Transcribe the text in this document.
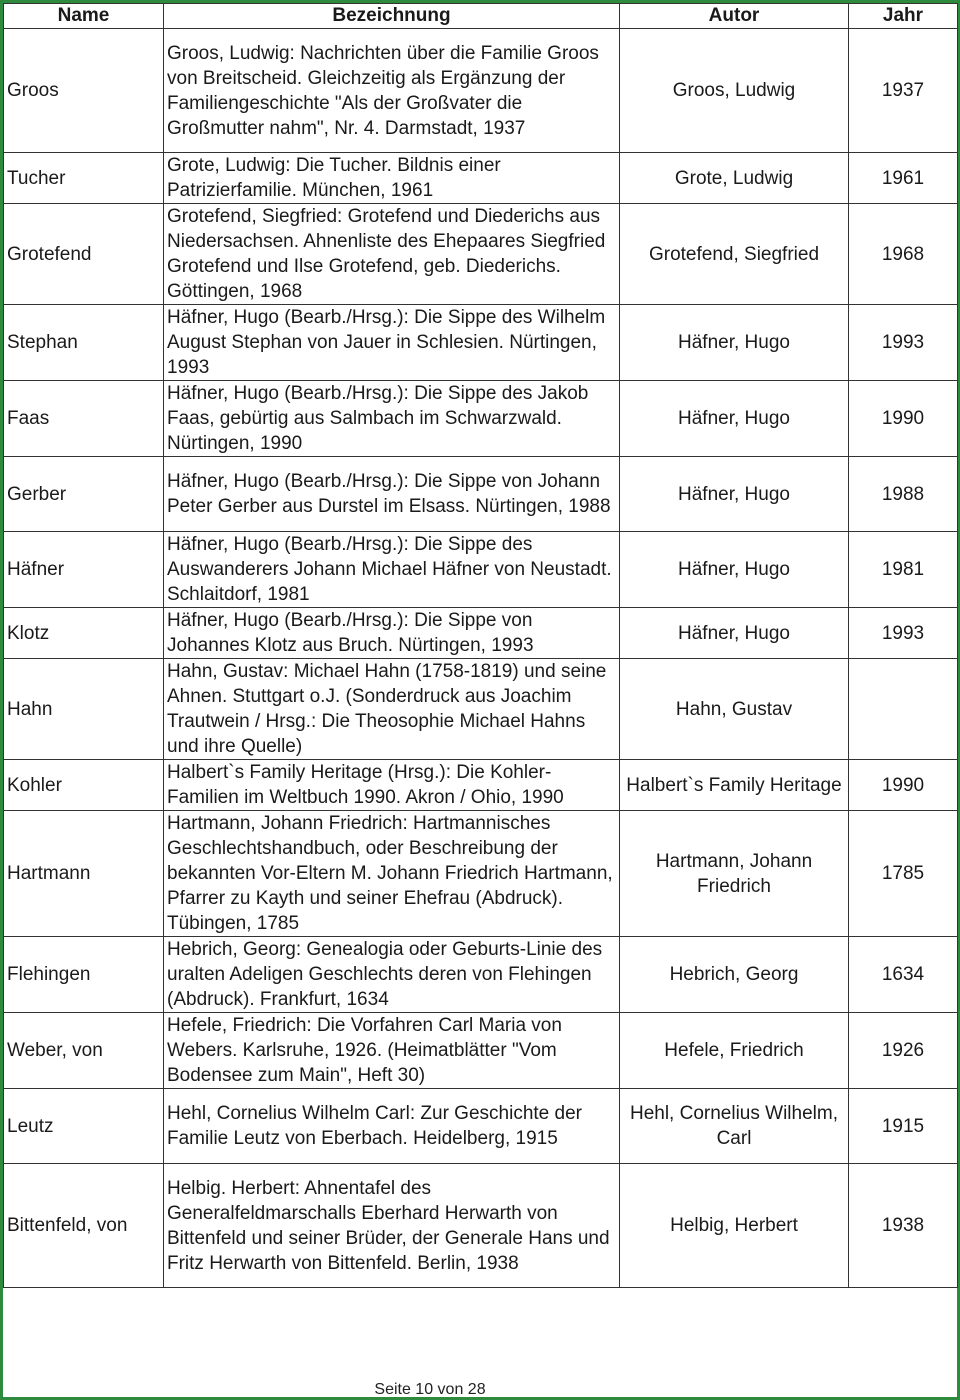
Name	Bezeichnung	Autor	Jahr
Groos	Groos, Ludwig: Nachrichten über die Familie Groos von Breitscheid. Gleichzeitig als Ergänzung der Familiengeschichte "Als der Großvater die Großmutter nahm", Nr. 4. Darmstadt, 1937	Groos, Ludwig	1937
Tucher	Grote, Ludwig: Die Tucher. Bildnis einer Patrizierfamilie. München, 1961	Grote, Ludwig	1961
Grotefend	Grotefend, Siegfried: Grotefend und Diederichs aus Niedersachsen. Ahnenliste des Ehepaares Siegfried Grotefend und Ilse Grotefend, geb. Diederichs. Göttingen, 1968	Grotefend, Siegfried	1968
Stephan	Häfner, Hugo (Bearb./Hrsg.): Die Sippe des Wilhelm August Stephan von Jauer in Schlesien. Nürtingen, 1993	Häfner, Hugo	1993
Faas	Häfner, Hugo (Bearb./Hrsg.): Die Sippe des Jakob Faas, gebürtig aus Salmbach im Schwarzwald. Nürtingen, 1990	Häfner, Hugo	1990
Gerber	Häfner, Hugo (Bearb./Hrsg.): Die Sippe von Johann Peter Gerber aus Durstel im Elsass. Nürtingen, 1988	Häfner, Hugo	1988
Häfner	Häfner, Hugo (Bearb./Hrsg.): Die Sippe des Auswanderers Johann Michael Häfner von Neustadt. Schlaitdorf, 1981	Häfner, Hugo	1981
Klotz	Häfner, Hugo (Bearb./Hrsg.): Die Sippe von Johannes Klotz aus Bruch. Nürtingen, 1993	Häfner, Hugo	1993
Hahn	Hahn, Gustav: Michael Hahn (1758-1819) und seine Ahnen. Stuttgart o.J. (Sonderdruck aus Joachim Trautwein / Hrsg.: Die Theosophie Michael Hahns und ihre Quelle)	Hahn, Gustav	
Kohler	Halbert`s Family Heritage (Hrsg.): Die Kohler-Familien im Weltbuch 1990. Akron / Ohio, 1990	Halbert`s Family Heritage	1990
Hartmann	Hartmann, Johann Friedrich: Hartmannisches Geschlechtshandbuch, oder Beschreibung der bekannten Vor-Eltern M. Johann Friedrich Hartmann, Pfarrer zu Kayth und seiner Ehefrau (Abdruck). Tübingen, 1785	Hartmann, Johann Friedrich	1785
Flehingen	Hebrich, Georg: Genealogia oder Geburts-Linie des uralten Adeligen Geschlechts deren von Flehingen (Abdruck). Frankfurt, 1634	Hebrich, Georg	1634
Weber, von	Hefele, Friedrich: Die Vorfahren Carl Maria von Webers. Karlsruhe, 1926. (Heimatblätter "Vom Bodensee zum Main", Heft 30)	Hefele, Friedrich	1926
Leutz	Hehl, Cornelius Wilhelm Carl: Zur Geschichte der Familie Leutz von Eberbach. Heidelberg, 1915	Hehl, Cornelius Wilhelm, Carl	1915
Bittenfeld, von	Helbig. Herbert: Ahnentafel des Generalfeldmarschalls Eberhard Herwarth von Bittenfeld und seiner Brüder, der Generale Hans und Fritz Herwarth von Bittenfeld. Berlin, 1938	Helbig, Herbert	1938
Seite 10 von 28
